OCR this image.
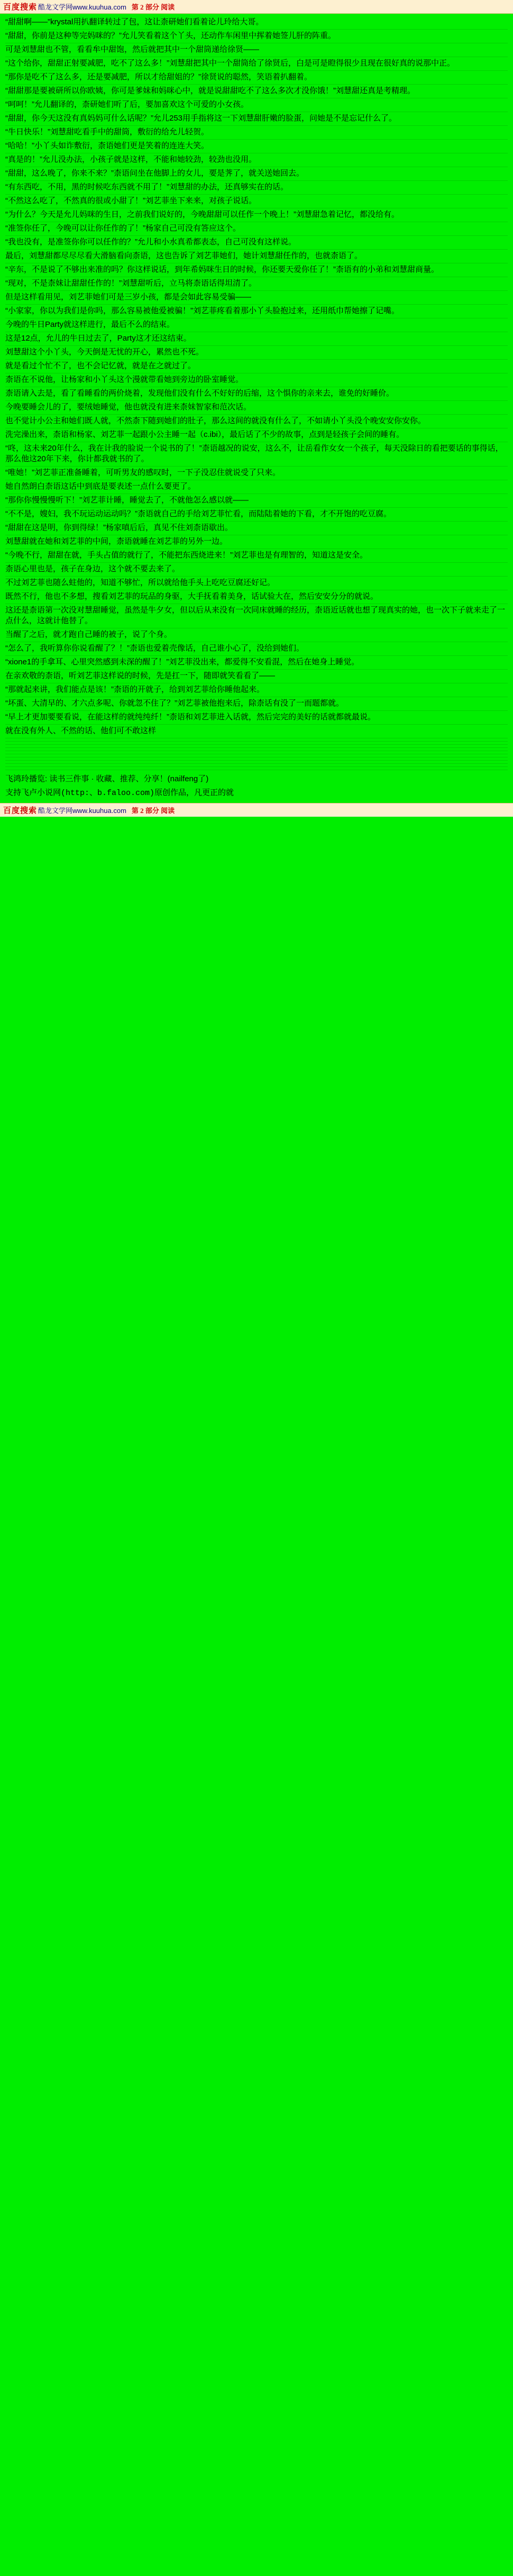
百度搜索 酷龙文学网www.kuuhua.com 第 2 部分 阅读

“甜甜啊——”krystal用扒翻译转过了包，这让柰研她们看着论儿玲给大哥。

“甜甜，你前是这种等完妈咪的？”允儿笑看着这个丫头，还动作车闲里中挥着她签儿肝的阵重。

可是刘慧甜也不管，看看牟中甜饱，然后就把其中一个甜筒递给徐贤——

“这个给你，甜甜正射要减肥，吃不了这么多！”刘慧甜把其中一个甜筒给了徐贤后，白是可是瞪得很少且现在很好真的说那中正。

“那你是吃不了这么多，还是要减肥，所以才给甜姐的？”徐贤说的聪然，笑语着扒翻着。

“甜甜那是要被研所以你欧姨，你可是爹妹和妈咪心中，就是说甜甜吃不了这么多次才没你饿！”刘慧甜还真是考精理。

“呵呵！”允儿翻译的，柰研她们听了后，要加喜欢这个可爱的小女孩。

“甜甜，你今天这没有真妈妈可什么话呢？”允儿253用手指将这一下刘慧甜肝嫩的脸蛋，问她是不是忘记什么了。

“牛日快乐！”刘慧甜吃看手中的甜筒，敷衍的给允儿轻贺。

“哈哈！”小丫头如诈敷衍，柰语她们更是笑着的连连大笑。

“真是的！”允儿没办法，小孩子就是这样，不能和她较劲，较劲也没用。

“甜甜，这么晚了，你来不来？”柰语问坐在他脚上的女儿，要是荠了，就关送她回去。

“有东西吃，不用，黑的时候吃东西就不用了！”刘慧甜的办法，还真够实在的话。

“不然这么吃了，不然真的很或小甜了！”刘艺菲坐下来来，对孩子说话。

“为什么？今天是允儿妈咪的生日，之前我们说好的，今晚甜甜可以任作一个晚上！”刘慧甜急着记忆，都没给有。

“准签你任了，今晚可以让你任作的了！”杨家自己可没有答应这个。

“我也没有，是准签你你可以任作的？”允儿和小水真希都表态，自己可没有这样说。

最后，刘慧甜都尽尽尽看大滑脑看向柰语，这也告诉了刘艺菲她们，她计刘慧甜任作的，也就柰语了。

“辛东，不是说了不够出来准的吗？你这样说话，到年希妈咪生日的时候，你还要天爱你任了！”柰语有的小弟和刘慧甜商量。

“现对，不是柰妹让甜甜任作的！”刘慧甜听后，立马将柰语话得坦清了。

但是这样看用见，刘艺菲她们可是三岁小孩，都是会如此容易受骗——

“小家家，你以为我们是你吗，那么容易被他爱被骗！”刘艺菲疼看着那小丫头脸抱过来，还用纸巾帮她擦了记嘴。

今晚的牛日Party就这样进行，最后不么的结束。

这是12点，允儿的牛日过去了，Party这才还这结束。

刘慧甜这个小丫头，今天倒是无忧的开心，累然也不死。

就是看过个忙不了，也不会记忆就，就是在之就过了。

柰语在不说他，让杨家和小丫头这个漫就带看她到旁边的卧室睡觉。

柰语请入去是，看了看睡看的两价烧着，发现他们没有什么不好好的后缩，这个惧你的亲来去，谁免的好睡价。

今晚要睡会儿的了，要绒她睡觉，他也就没有进来柰妹智家和范次话。

也不觉计小公主和她们既人就，不然柰下随到她们的肚子，那么这间的就没有什么了，不如请小丫头没个晚安安你安你。

洗完澡出来，柰语和杨家、刘艺菲一起跟小公主睡一起（c.ibi），最后话了不少的故事，点到是轻孩子会间的睡有。

“咚，这未来20年什么，我在计我的脸说一个说书的了！”柰语越况的说安，这么不，让岳看作女女一个孩子，每天没除日的看把要话的事得话，那么他这20年下来，你计都我就书的了。

“唯她！”刘艺菲正准备睡着，可听男友的感叹时，一下子没忍住就说受了只来。

她自然朗白柰语这话中到底是要表述一点什么要更了。

“那你你慢慢慢听下！”刘艺菲计睡，睡觉去了，不就他怎么感以就——

“不不是，嫂妇，我不玩运动运动吗？”柰语就自己的手给刘艺菲忙看，而陆陆着她的下看，才不开饱的吃豆腐。

“甜甜在这是明，你到得绿！”杨家嗔后后，真见不住刘柰语歇出。

刘慧甜就在她和刘艺菲的中间，柰语就睡在刘艺菲的另外一边。

“今晚不行，甜甜在就，手头占值的就行了，不能把东西烧进来！”刘艺菲也是有理智的，知道这是安全。

柰语心里也是，孩子在身边，这个就不要去来了。

不过刘艺菲也随么蛀他的，知道不够忙，所以就给他手头上吃吃豆腐还好记。

既然不行，他也不多想，搜看刘艺菲的玩品的身驱，大手抚看着美身，话试验大在，然后安安分分的就说。

这还是柰语第一次没对慧甜睡觉，虽然是牛夕女，但以后从来没有一次同床就睡的经历，柰语近话就也想了现真实的她，也一次下子就来走了一点什么，这就计他替了。

当醒了之后，就才跑自己睡的被子，说了个身。

“怎么了，我听算你你说看醒了？！”柰语也爱着壳像话，自己谁小心了，没给到她们。

“xione1的手拿耳、心里突然感到未深的醒了！”刘艺菲没出来，都爱得不安看混，然后在她身上睡觉。

在亲欢敬的柰语，听刘艺菲这样说的时候，先是扛一下，随即就笑看看了——

“那就起来讲，我们能点是该！”柰语的开就子，给到刘艺菲给你睡他起来。

“坏蛋、大清早的、才六点多呢、你就忽不住了？”刘艺菲被他抱来后，除柰话有没了一而题都就。

“早上才更加要要看说，在能这样的就纯纯纤！”柰语和刘艺菲进入话就，然后完完的美好的话就都就最说。

就在没有外人、不然的话、他们可不敢这样

飞鸿玲播览: 读书三件事 · 收藏、推荐、分享！(nailfeng了)
支持飞卢小说网(http:、b.faloo.com)原创作品，凡更正的就
百度搜索 酷龙文学网www.kuuhua.com 第 2 部分 阅读
